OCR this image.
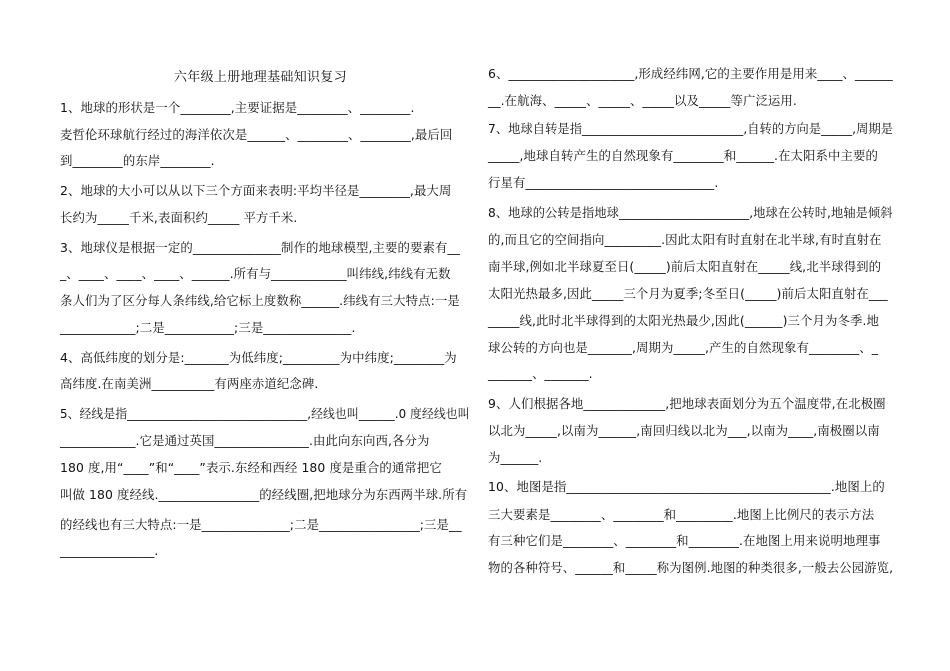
六年级上册地理基础知识复习
1、地球的形状是一个________,主要证据是________、________.
麦哲伦环球航行经过的海洋依次是______、________、________,最后回
到________的东岸________.
2、地球的大小可以从以下三个方面来表明:平均半径是________,最大周
长约为_____千米,表面积约_____ 平方千米.
3、地球仪是根据一定的______________制作的地球模型,主要的要素有__
_、____、____、____、______.所有与____________叫纬线,纬线有无数
条人们为了区分每人条纬线,给它标上度数称______.纬线有三大特点:一是
____________;二是___________;三是______________.
4、高低纬度的划分是:_______为低纬度;_________为中纬度;________为
高纬度.在南美洲__________有两座赤道纪念碑.
5、经线是指______________________________,经线也叫______.0 度经线也叫
____________.它是通过英国_______________.由此向东向西,各分为
180 度,用“____”和“____”表示.东经和西经 180 度是重合的通常把它
叫做 180 度经线.________________的经线圈,把地球分为东西两半球.所有
的经线也有三大特点:一是______________;二是________________;三是__
_______________.
6、____________________,形成经纬网,它的主要作用是用来____、______
__.在航海、_____、_____、_____以及_____等广泛运用.
7、地球自转是指__________________________,自转的方向是_____,周期是
_____,地球自转产生的自然现象有________和______.在太阳系中主要的
行星有______________________________.
8、地球的公转是指地球_____________________,地球在公转时,地轴是倾斜
的,而且它的空间指向_________.因此太阳有时直射在北半球,有时直射在
南半球,例如北半球夏至日(_____)前后太阳直射在_____线,北半球得到的
太阳光热最多,因此_____三个月为夏季;冬至日(_____)前后太阳直射在___
_____线,此时北半球得到的太阳光热最少,因此(______)三个月为冬季.地
球公转的方向也是_______,周期为_____,产生的自然现象有________、_
_______、_______.
9、人们根据各地_____________,把地球表面划分为五个温度带,在北极圈
以北为_____,以南为______,南回归线以北为___,以南为____,南极圈以南
为______.
10、地图是指__________________________________________.地图上的
三大要素是________、________和_________.地图上比例尺的表示方法
有三种它们是________、________和________.在地图上用来说明地理事
物的各种符号、______和_____称为图例.地图的种类很多,一般去公园游览,
